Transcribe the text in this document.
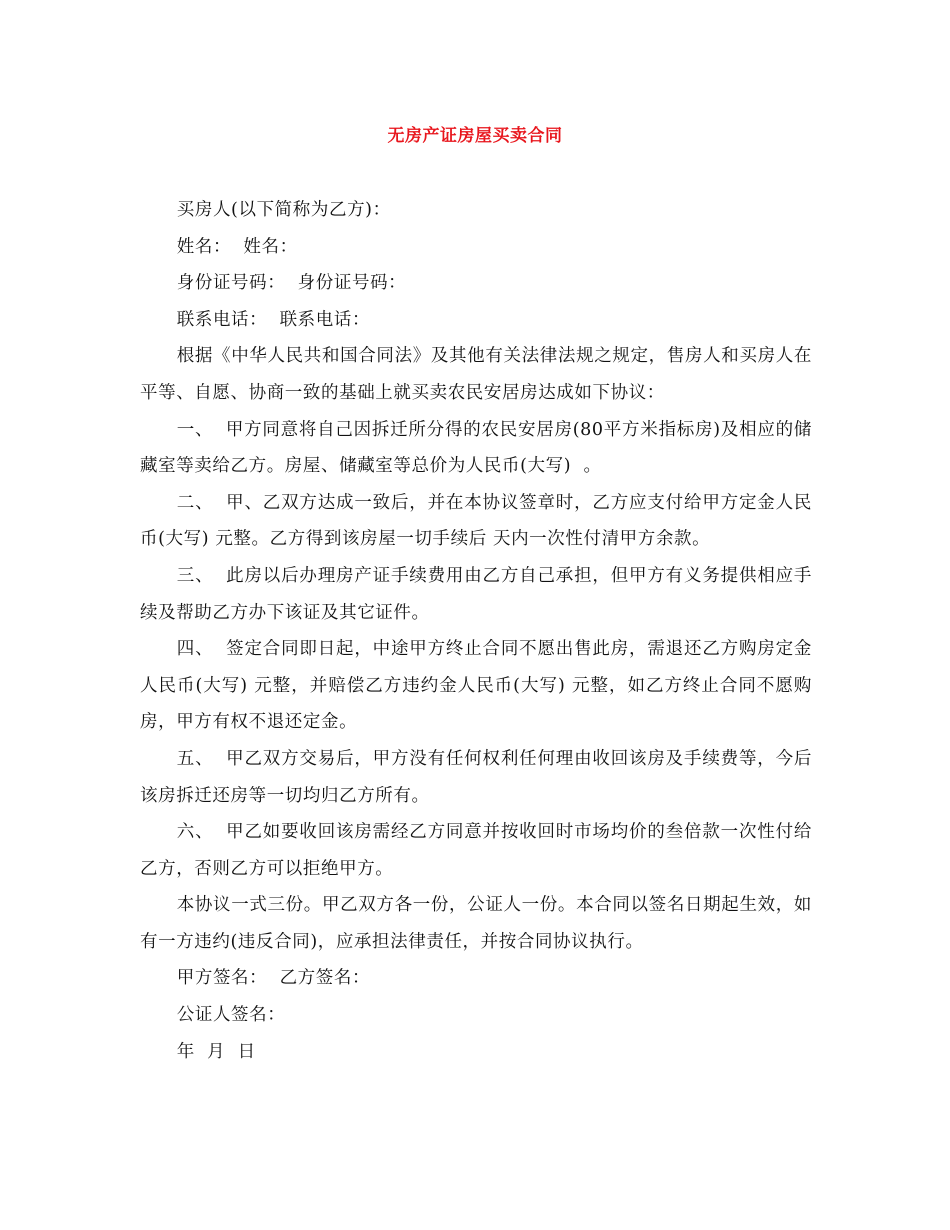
无房产证房屋买卖合同

买房人(以下简称为乙方)：

姓名：  姓名：

身份证号码：  身份证号码：

联系电话：  联系电话：

根据《中华人民共和国合同法》及其他有关法律法规之规定，售房人和买房人在平等、自愿、协商一致的基础上就买卖农民安居房达成如下协议：

一、  甲方同意将自己因拆迁所分得的农民安居房(80平方米指标房)及相应的储藏室等卖给乙方。房屋、储藏室等总价为人民币(大写)  。

二、  甲、乙双方达成一致后，并在本协议签章时，乙方应支付给甲方定金人民币(大写) 元整。乙方得到该房屋一切手续后 天内一次性付清甲方余款。

三、  此房以后办理房产证手续费用由乙方自己承担，但甲方有义务提供相应手续及帮助乙方办下该证及其它证件。

四、  签定合同即日起，中途甲方终止合同不愿出售此房，需退还乙方购房定金人民币(大写) 元整，并赔偿乙方违约金人民币(大写) 元整，如乙方终止合同不愿购房，甲方有权不退还定金。

五、  甲乙双方交易后，甲方没有任何权利任何理由收回该房及手续费等，今后该房拆迁还房等一切均归乙方所有。

六、  甲乙如要收回该房需经乙方同意并按收回时市场均价的叁倍款一次性付给乙方，否则乙方可以拒绝甲方。

本协议一式三份。甲乙双方各一份，公证人一份。本合同以签名日期起生效，如有一方违约(违反合同)，应承担法律责任，并按合同协议执行。

甲方签名：  乙方签名：

公证人签名：

年  月  日
